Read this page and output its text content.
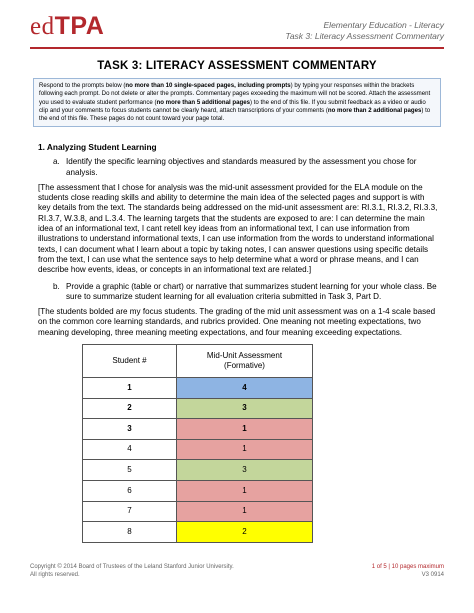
edTPA	Elementary Education - Literacy
Task 3: Literacy Assessment Commentary
TASK 3: LITERACY ASSESSMENT COMMENTARY
Respond to the prompts below (no more than 10 single-spaced pages, including prompts) by typing your responses within the brackets following each prompt. Do not delete or alter the prompts. Commentary pages exceeding the maximum will not be scored. Attach the assessment you used to evaluate student performance (no more than 5 additional pages) to the end of this file. If you submit feedback as a video or audio clip and your comments to focus students cannot be clearly heard, attach transcriptions of your comments (no more than 2 additional pages) to the end of this file. These pages do not count toward your page total.
1. Analyzing Student Learning
a. Identify the specific learning objectives and standards measured by the assessment you chose for analysis.
[The assessment that I chose for analysis was the mid-unit assessment provided for the ELA module on the students close reading skills and ability to determine the main idea of the selected pages and support is with key details from the text. The standards being addressed on the mid-unit assessment are: RI.3.1, RI.3.2, RI.3.3, RI.3.7, W.3.8, and L.3.4. The learning targets that the students are exposed to are: I can determine the main idea of an informational text, I cant retell key ideas from an informational text, I can use information from illustrations to understand informational texts, I can use information from the words to understand informational texts, I can document what I learn about a topic by taking notes, I can answer questions using specific details from the text, I can use what the sentence says to help determine what a word or phrase means, and I can describe how events, ideas, or concepts in an informational text are related.]
b. Provide a graphic (table or chart) or narrative that summarizes student learning for your whole class. Be sure to summarize student learning for all evaluation criteria submitted in Task 3, Part D.
[The students bolded are my focus students. The grading of the mid unit assessment was on a 1-4 scale based on the common core learning standards, and rubrics provided. One meaning not meeting expectations, two meaning developing, three meaning meeting expectations, and four meaning exceeding expectations.
Student #	Mid-Unit Assessment
(Formative)

1	4
2	3
3	1
4	1
5	3
6	1
7	1
8	2
Copyright © 2014 Board of Trustees of the Leland Stanford Junior University.
All rights reserved.
1 of 5 | 10 pages maximum
V3 0914
